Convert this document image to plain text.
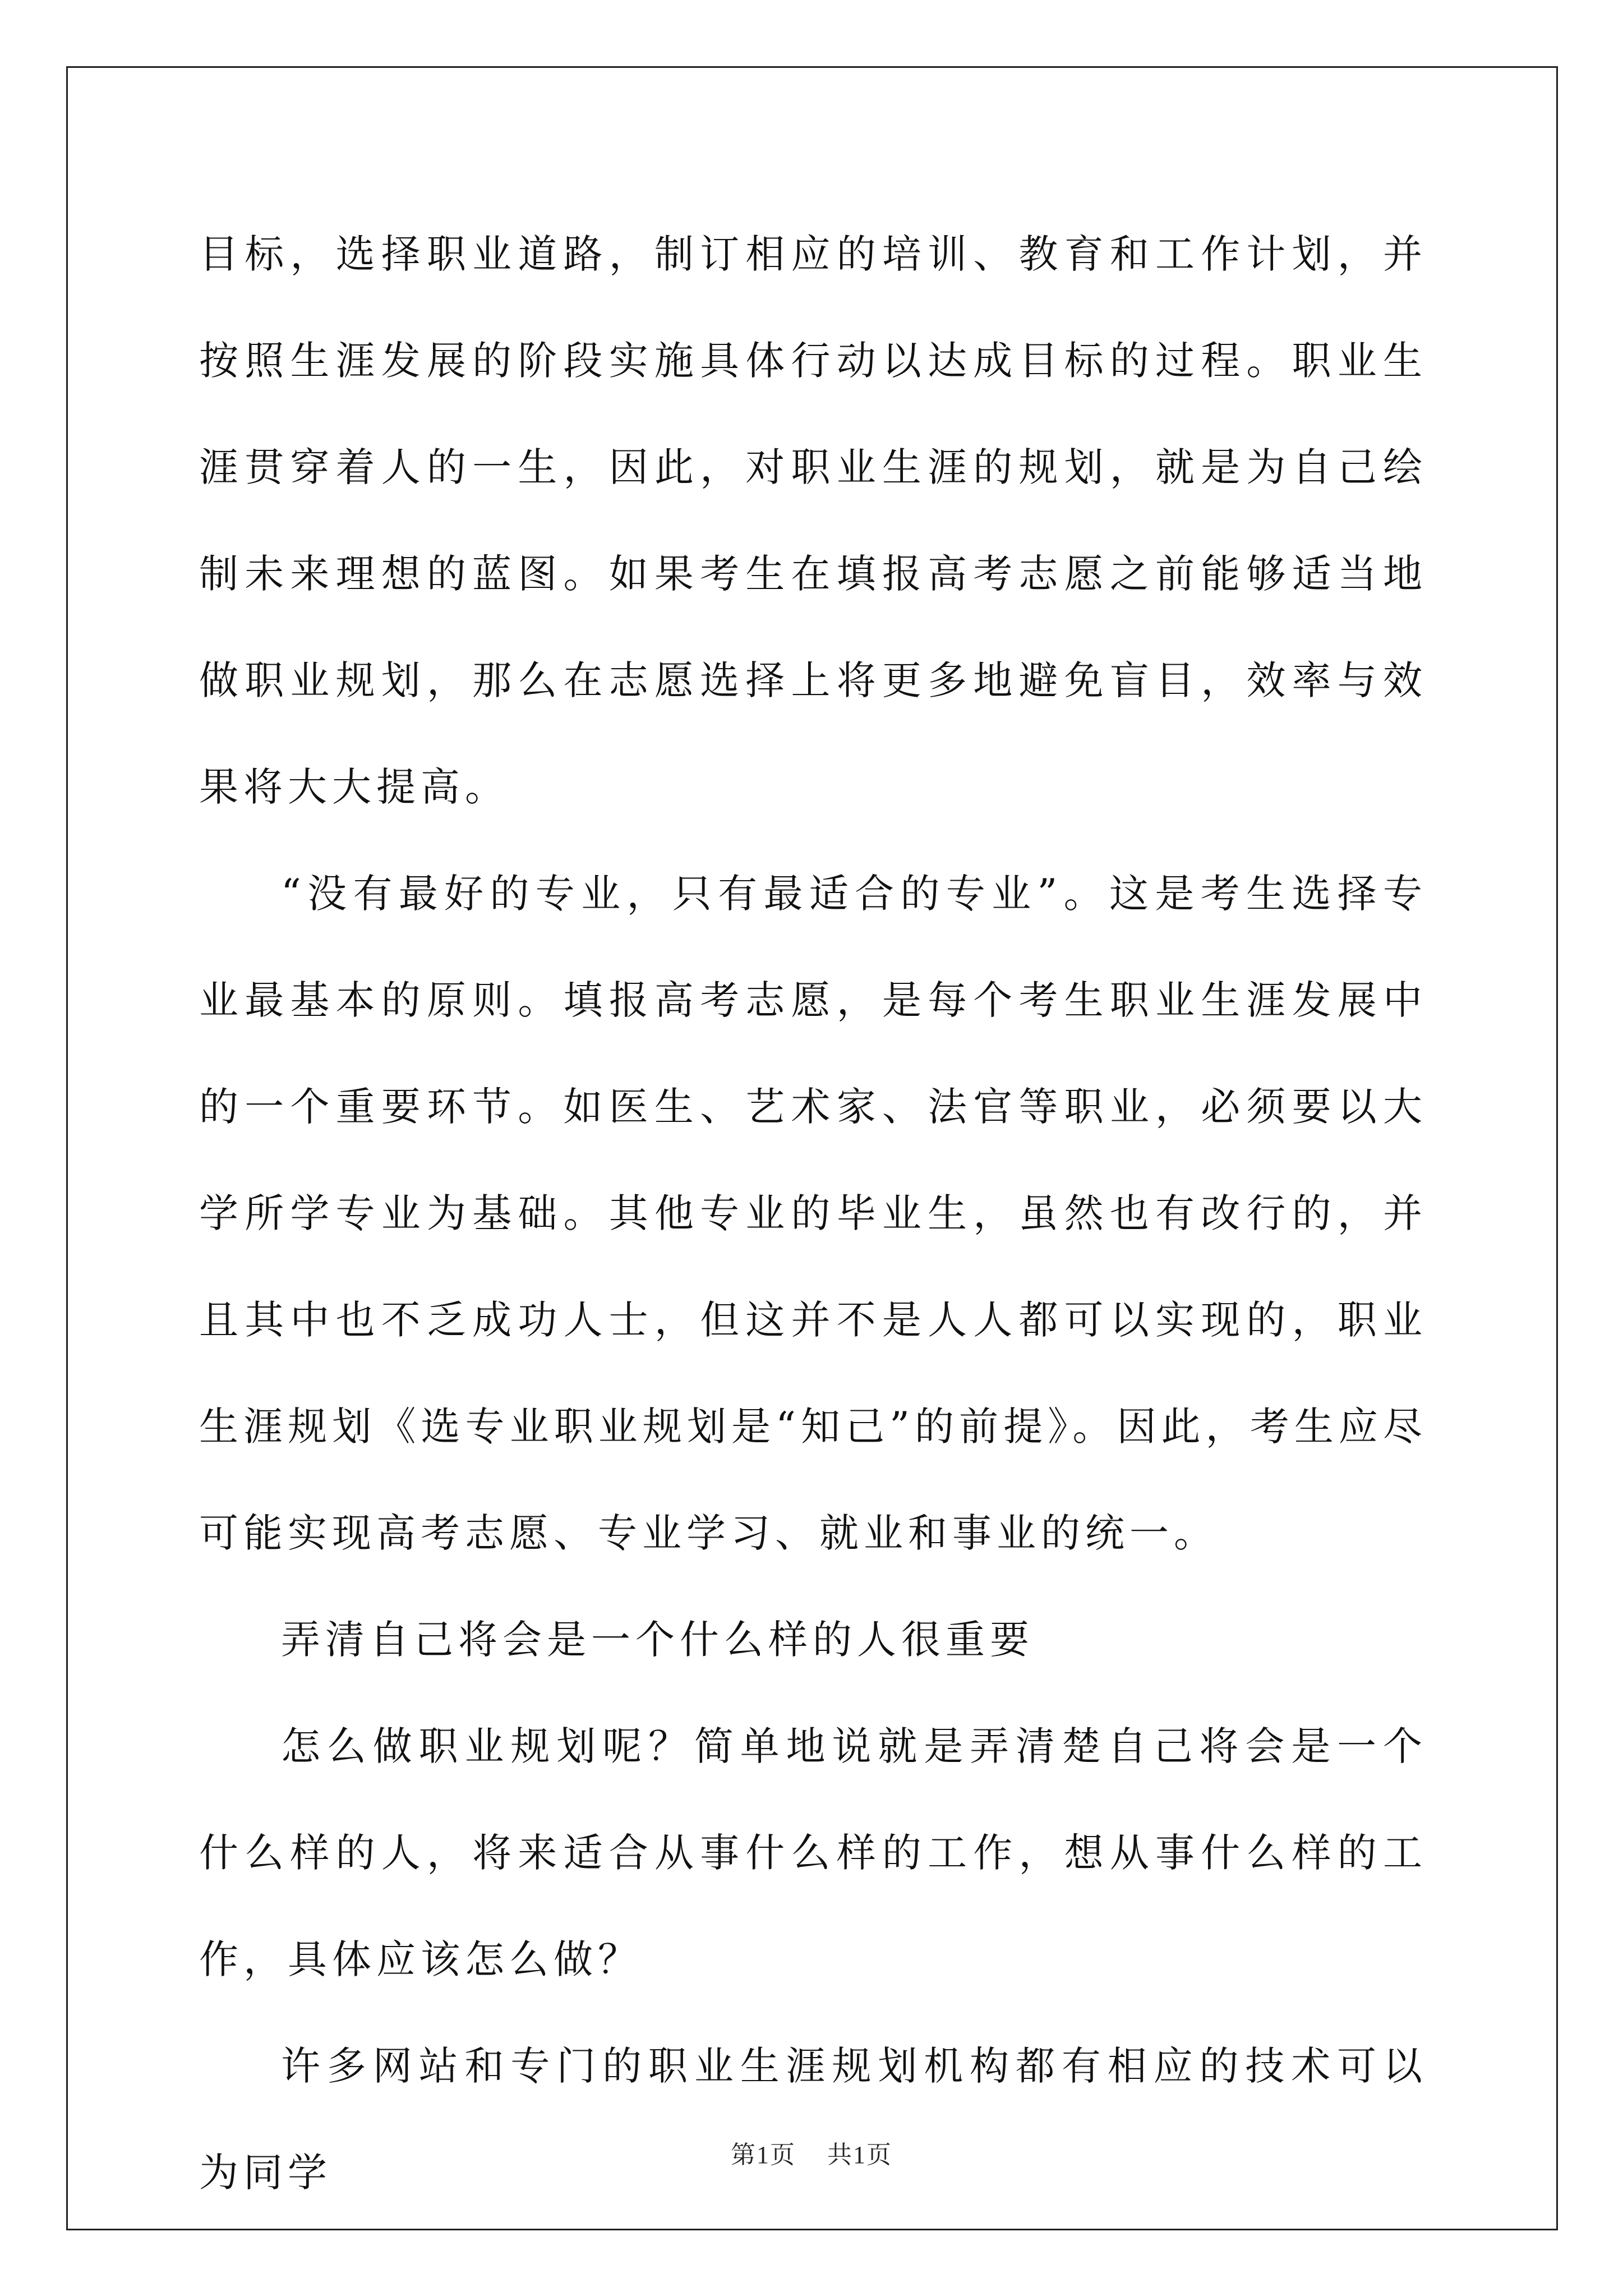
目标，选择职业道路，制订相应的培训、教育和工作计划，并按照生涯发展的阶段实施具体行动以达成目标的过程。职业生涯贯穿着人的一生，因此，对职业生涯的规划，就是为自己绘制未来理想的蓝图。如果考生在填报高考志愿之前能够适当地做职业规划，那么在志愿选择上将更多地避免盲目，效率与效果将大大提高。

“没有最好的专业，只有最适合的专业”。这是考生选择专业最基本的原则。填报高考志愿，是每个考生职业生涯发展中的一个重要环节。如医生、艺术家、法官等职业，必须要以大学所学专业为基础。其他专业的毕业生，虽然也有改行的，并且其中也不乏成功人士，但这并不是人人都可以实现的，职业生涯规划《选专业职业规划是“知己”的前提》。因此，考生应尽可能实现高考志愿、专业学习、就业和事业的统一。

弄清自己将会是一个什么样的人很重要

怎么做职业规划呢？简单地说就是弄清楚自己将会是一个什么样的人，将来适合从事什么样的工作，想从事什么样的工作，具体应该怎么做？

许多网站和专门的职业生涯规划机构都有相应的技术可以为同学	第1页 共1页
